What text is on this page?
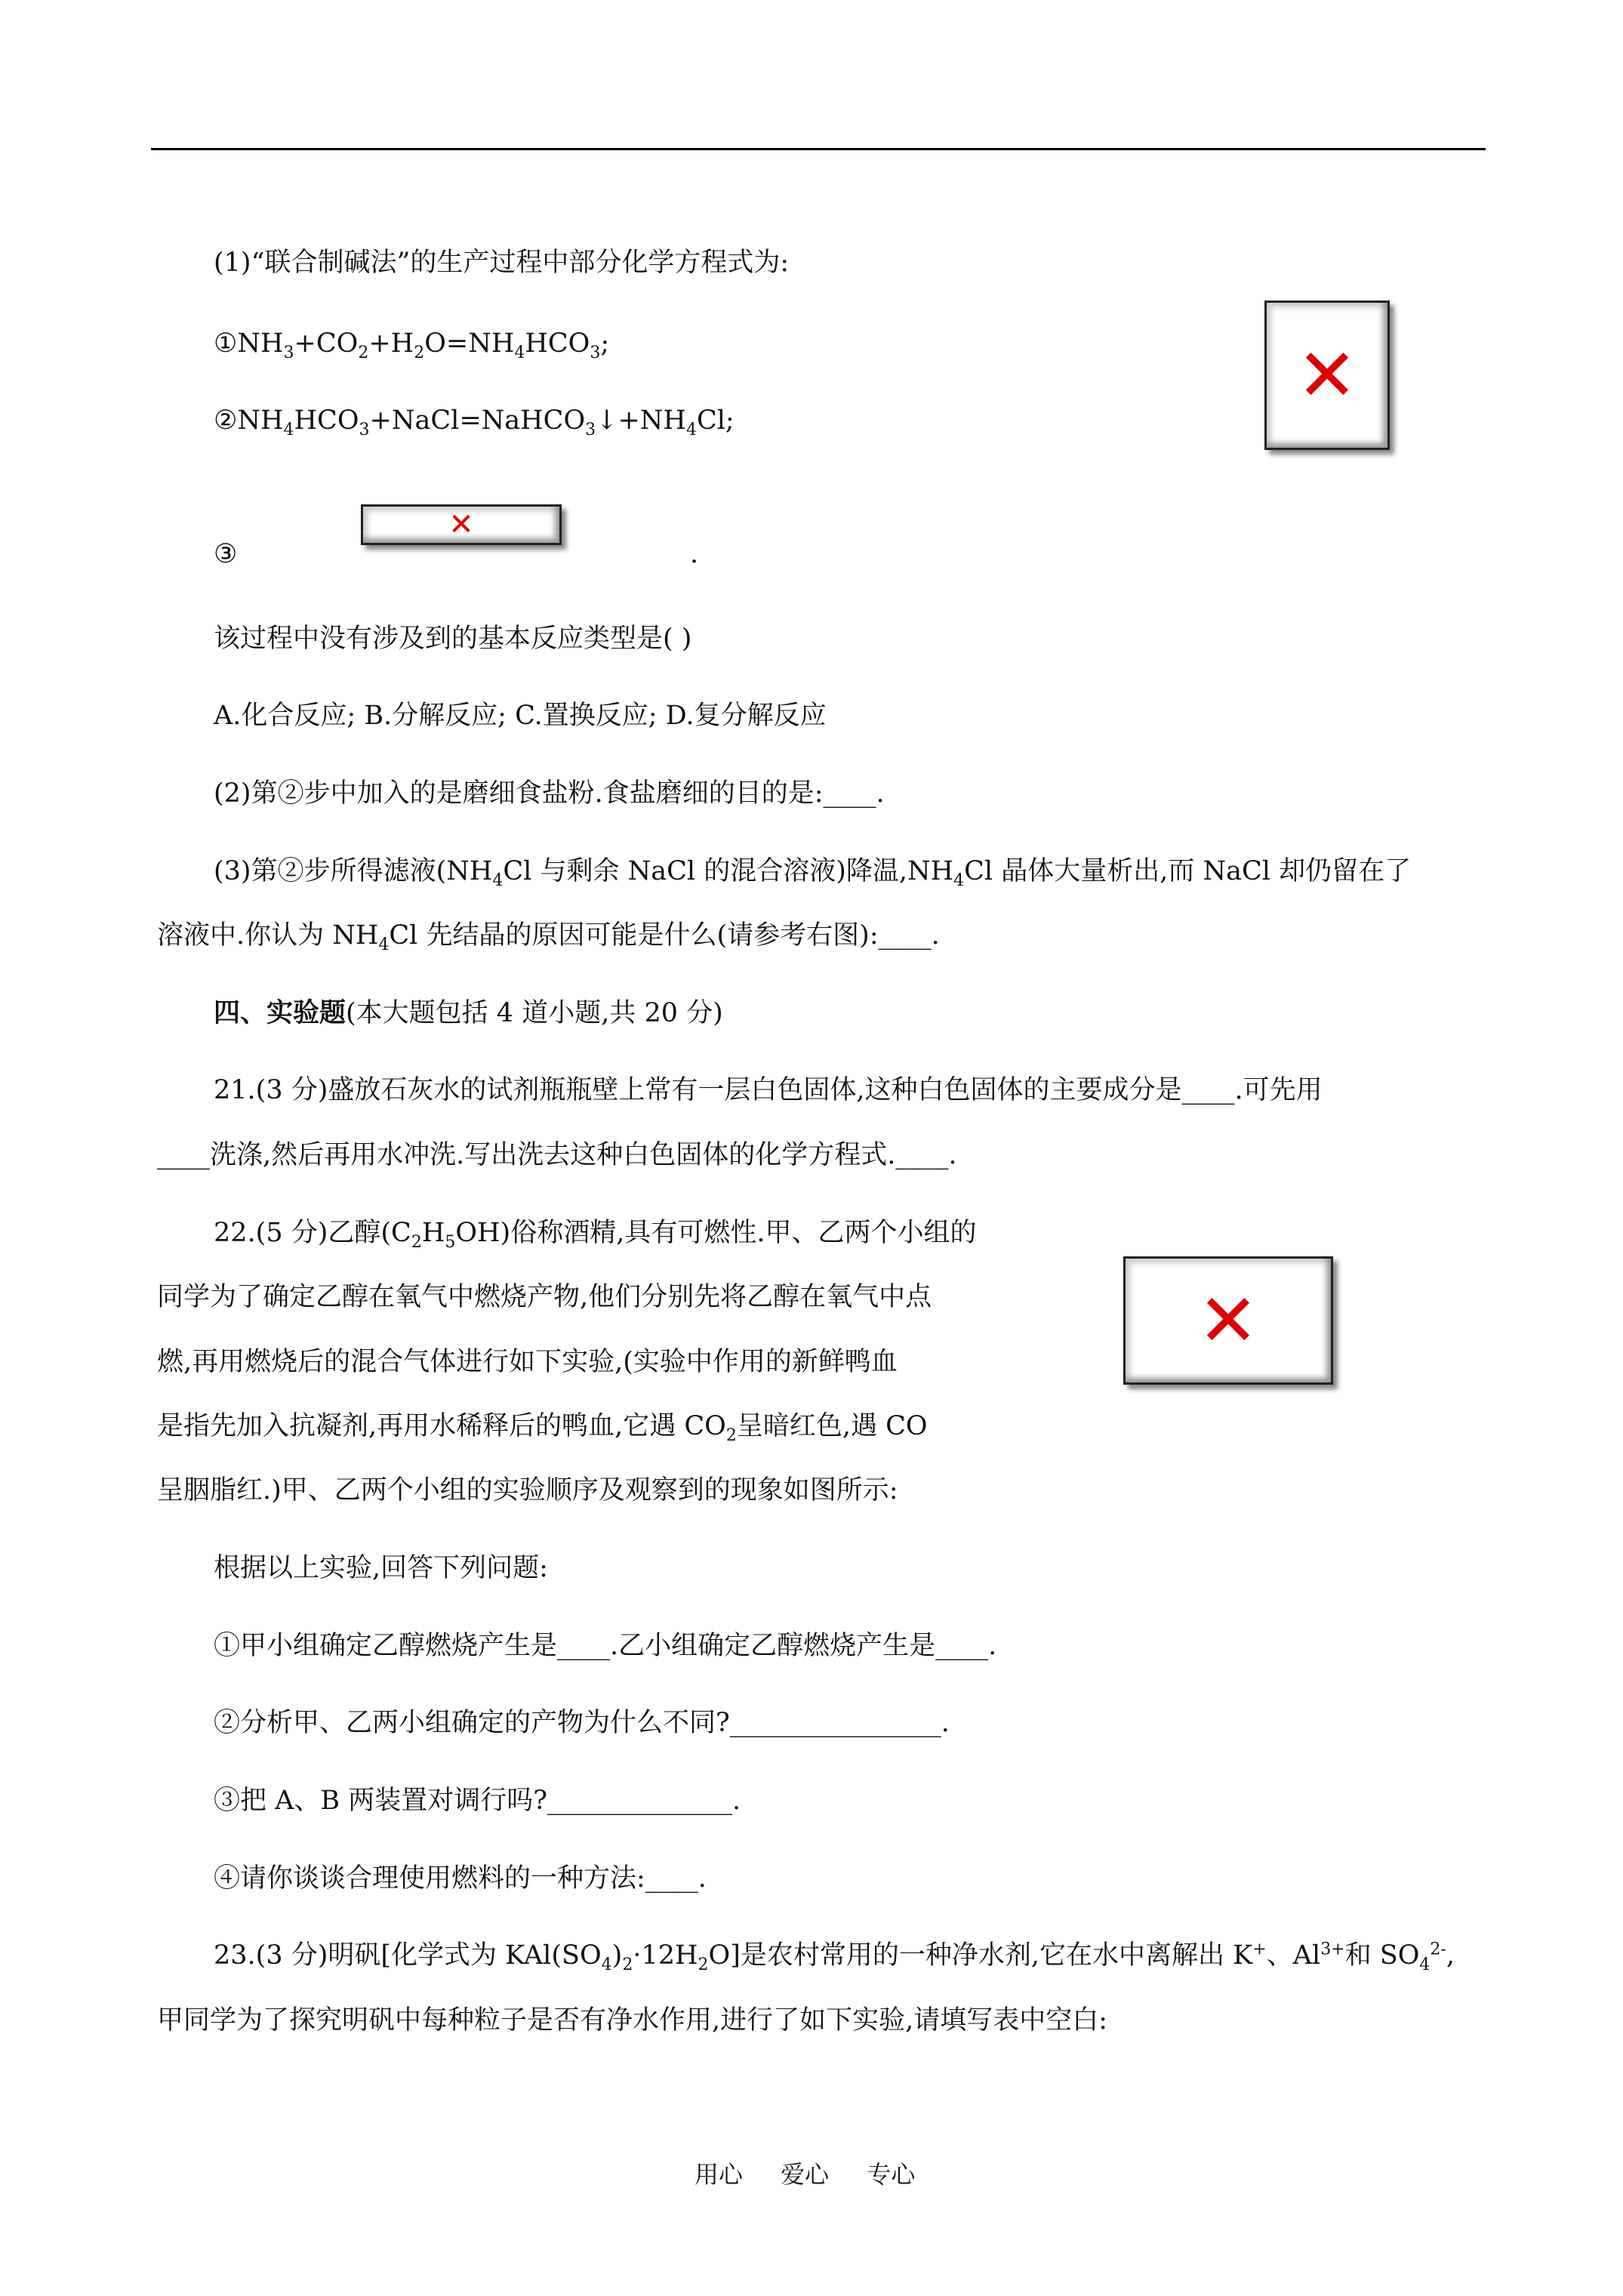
✕
✕
✕
(1)“联合制碱法”的生产过程中部分化学方程式为:
$①NH_3+CO_2+H_2O=NH_4HCO_3$;
$②NH_4HCO_3+NaCl=NaHCO_3↓+NH_4Cl$;
③	.
该过程中没有涉及到的基本反应类型是( )
A.化合反应; B.分解反应; C.置换反应; D.复分解反应
(2)第②步中加入的是磨细食盐粉.食盐磨细的目的是:____.
(3)第②步所得滤液($NH_4Cl$ 与剩余 NaCl 的混合溶液)降温$,NH_4Cl$ 晶体大量析出,而 NaCl 却仍留在了
溶液中.你认为 $NH_4Cl$ 先结晶的原因可能是什么(请参考右图):____.
四、实验题(本大题包括 4 道小题,共 20 分)
21.(3 分)盛放石灰水的试剂瓶瓶壁上常有一层白色固体,这种白色固体的主要成分是____.可先用
____洗涤,然后再用水冲洗.写出洗去这种白色固体的化学方程式.____.
22.(5 分)乙醇$(C_2H_5OH)$俗称酒精,具有可燃性.甲、乙两个小组的
同学为了确定乙醇在氧气中燃烧产物,他们分别先将乙醇在氧气中点
燃,再用燃烧后的混合气体进行如下实验,(实验中作用的新鲜鸭血
是指先加入抗凝剂,再用水稀释后的鸭血,它遇 $CO_2$呈暗红色,遇 CO
呈胭脂红.)甲、乙两个小组的实验顺序及观察到的现象如图所示:
根据以上实验,回答下列问题:
①甲小组确定乙醇燃烧产生是____.乙小组确定乙醇燃烧产生是____.
②分析甲、乙两小组确定的产物为什么不同?________________.
③把 A、B 两装置对调行吗?______________.
④请你谈谈合理使用燃料的一种方法:____.
23.(3 分)明矾[化学式为 $KAl(SO_4)_2\cdot 12H_2O$]是农村常用的一种净水剂,它在水中离解出 K+、$Al^{3+}$和 $SO_4^{2-}$,
甲同学为了探究明矾中每种粒子是否有净水作用,进行了如下实验,请填写表中空白:
用心 爱心 专心
